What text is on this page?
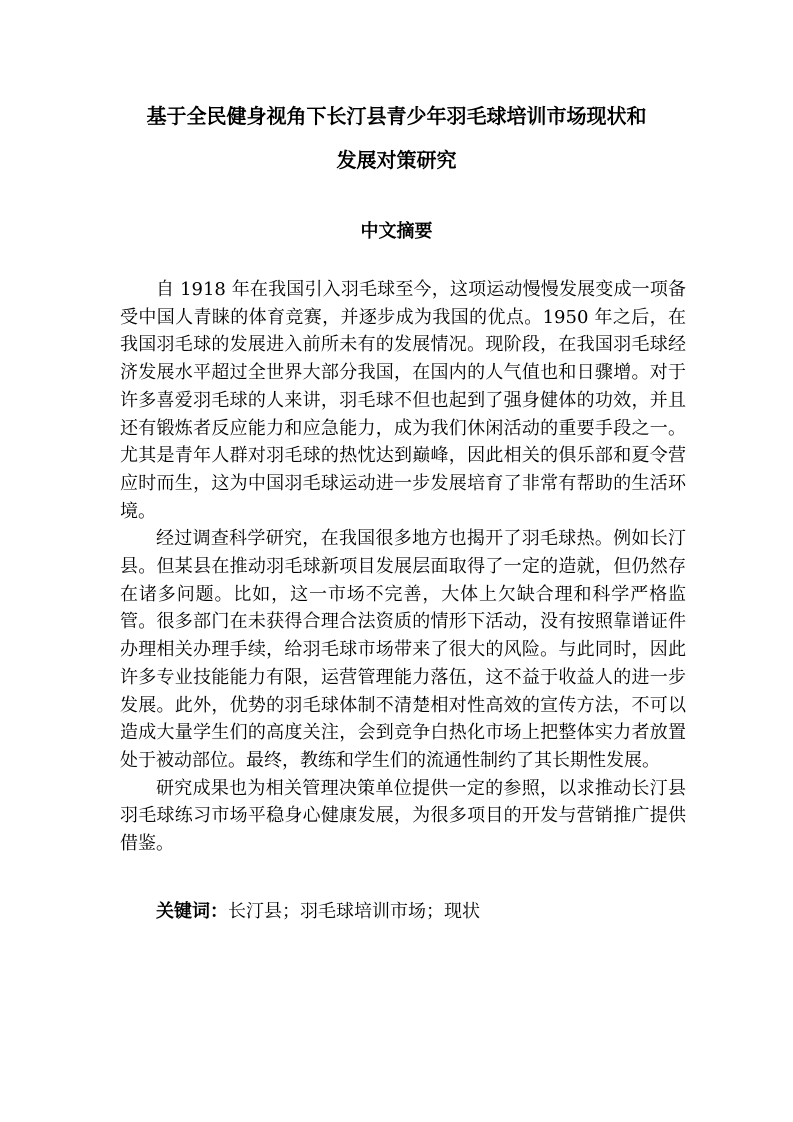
基于全民健身视角下长汀县青少年羽毛球培训市场现状和
发展对策研究
中文摘要

自 1918 年在我国引入羽毛球至今，这项运动慢慢发展变成一项备受中国人青睐的体育竞赛，并逐步成为我国的优点。1950 年之后，在我国羽毛球的发展进入前所未有的发展情况。现阶段，在我国羽毛球经济发展水平超过全世界大部分我国，在国内的人气值也和日骤增。对于许多喜爱羽毛球的人来讲，羽毛球不但也起到了强身健体的功效，并且还有锻炼者反应能力和应急能力，成为我们休闲活动的重要手段之一。尤其是青年人群对羽毛球的热忱达到巅峰，因此相关的俱乐部和夏令营应时而生，这为中国羽毛球运动进一步发展培育了非常有帮助的生活环境。

经过调查科学研究，在我国很多地方也揭开了羽毛球热。例如长汀县。但某县在推动羽毛球新项目发展层面取得了一定的造就，但仍然存在诸多问题。比如，这一市场不完善，大体上欠缺合理和科学严格监管。很多部门在未获得合理合法资质的情形下活动，没有按照靠谱证件办理相关办理手续，给羽毛球市场带来了很大的风险。与此同时，因此许多专业技能能力有限，运营管理能力落伍，这不益于收益人的进一步发展。此外，优势的羽毛球体制不清楚相对性高效的宣传方法，不可以造成大量学生们的高度关注，会到竞争白热化市场上把整体实力者放置处于被动部位。最终，教练和学生们的流通性制约了其长期性发展。

研究成果也为相关管理决策单位提供一定的参照，以求推动长汀县羽毛球练习市场平稳身心健康发展，为很多项目的开发与营销推广提供借鉴。

关键词：长汀县；羽毛球培训市场；现状
